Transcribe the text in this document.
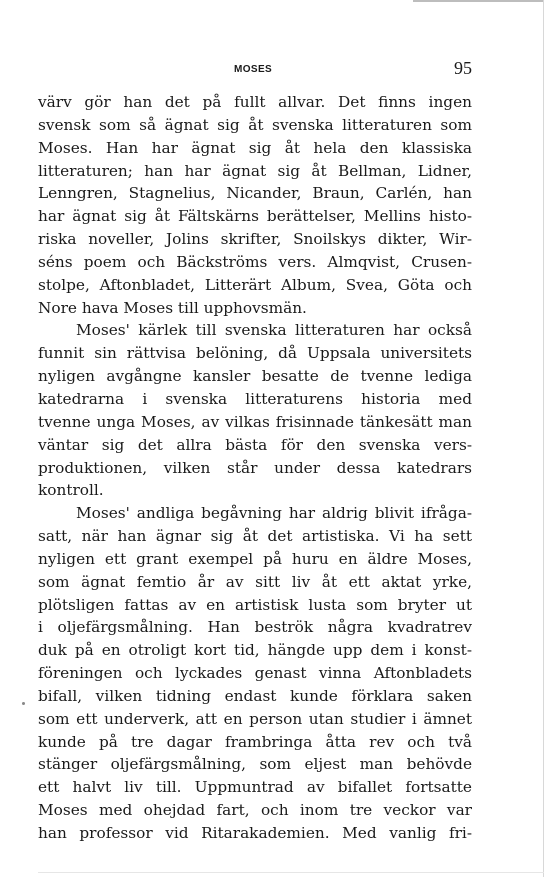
MOSES	95
värv gör han det på fullt allvar. Det finns ingen
svensk som så ägnat sig åt svenska litteraturen som
Moses. Han har ägnat sig åt hela den klassiska
litteraturen; han har ägnat sig åt Bellman, Lidner,
Lenngren, Stagnelius, Nicander, Braun, Carlén, han
har ägnat sig åt Fältskärns berättelser, Mellins histo-
riska noveller, Jolins skrifter, Snoilskys dikter, Wir-
séns poem och Bäckströms vers. Almqvist, Crusen-
stolpe, Aftonbladet, Litterärt Album, Svea, Göta och
Nore hava Moses till upphovsmän.
Moses' kärlek till svenska litteraturen har också
funnit sin rättvisa belöning, då Uppsala universitets
nyligen avgångne kansler besatte de tvenne lediga
katedrarna i svenska litteraturens historia med
tvenne unga Moses, av vilkas frisinnade tänkesätt man
väntar sig det allra bästa för den svenska vers-
produktionen, vilken står under dessa katedrars
kontroll.
Moses' andliga begåvning har aldrig blivit ifråga-
satt, när han ägnar sig åt det artistiska. Vi ha sett
nyligen ett grant exempel på huru en äldre Moses,
som ägnat femtio år av sitt liv åt ett aktat yrke,
plötsligen fattas av en artistisk lusta som bryter ut
i oljefärgsmålning. Han beströk några kvadratrev
duk på en otroligt kort tid, hängde upp dem i konst-
föreningen och lyckades genast vinna Aftonbladets
bifall, vilken tidning endast kunde förklara saken
som ett underverk, att en person utan studier i ämnet
kunde på tre dagar frambringa åtta rev och två
stänger oljefärgsmålning, som eljest man behövde
ett halvt liv till. Uppmuntrad av bifallet fortsatte
Moses med ohejdad fart, och inom tre veckor var
han professor vid Ritarakademien. Med vanlig fri-
